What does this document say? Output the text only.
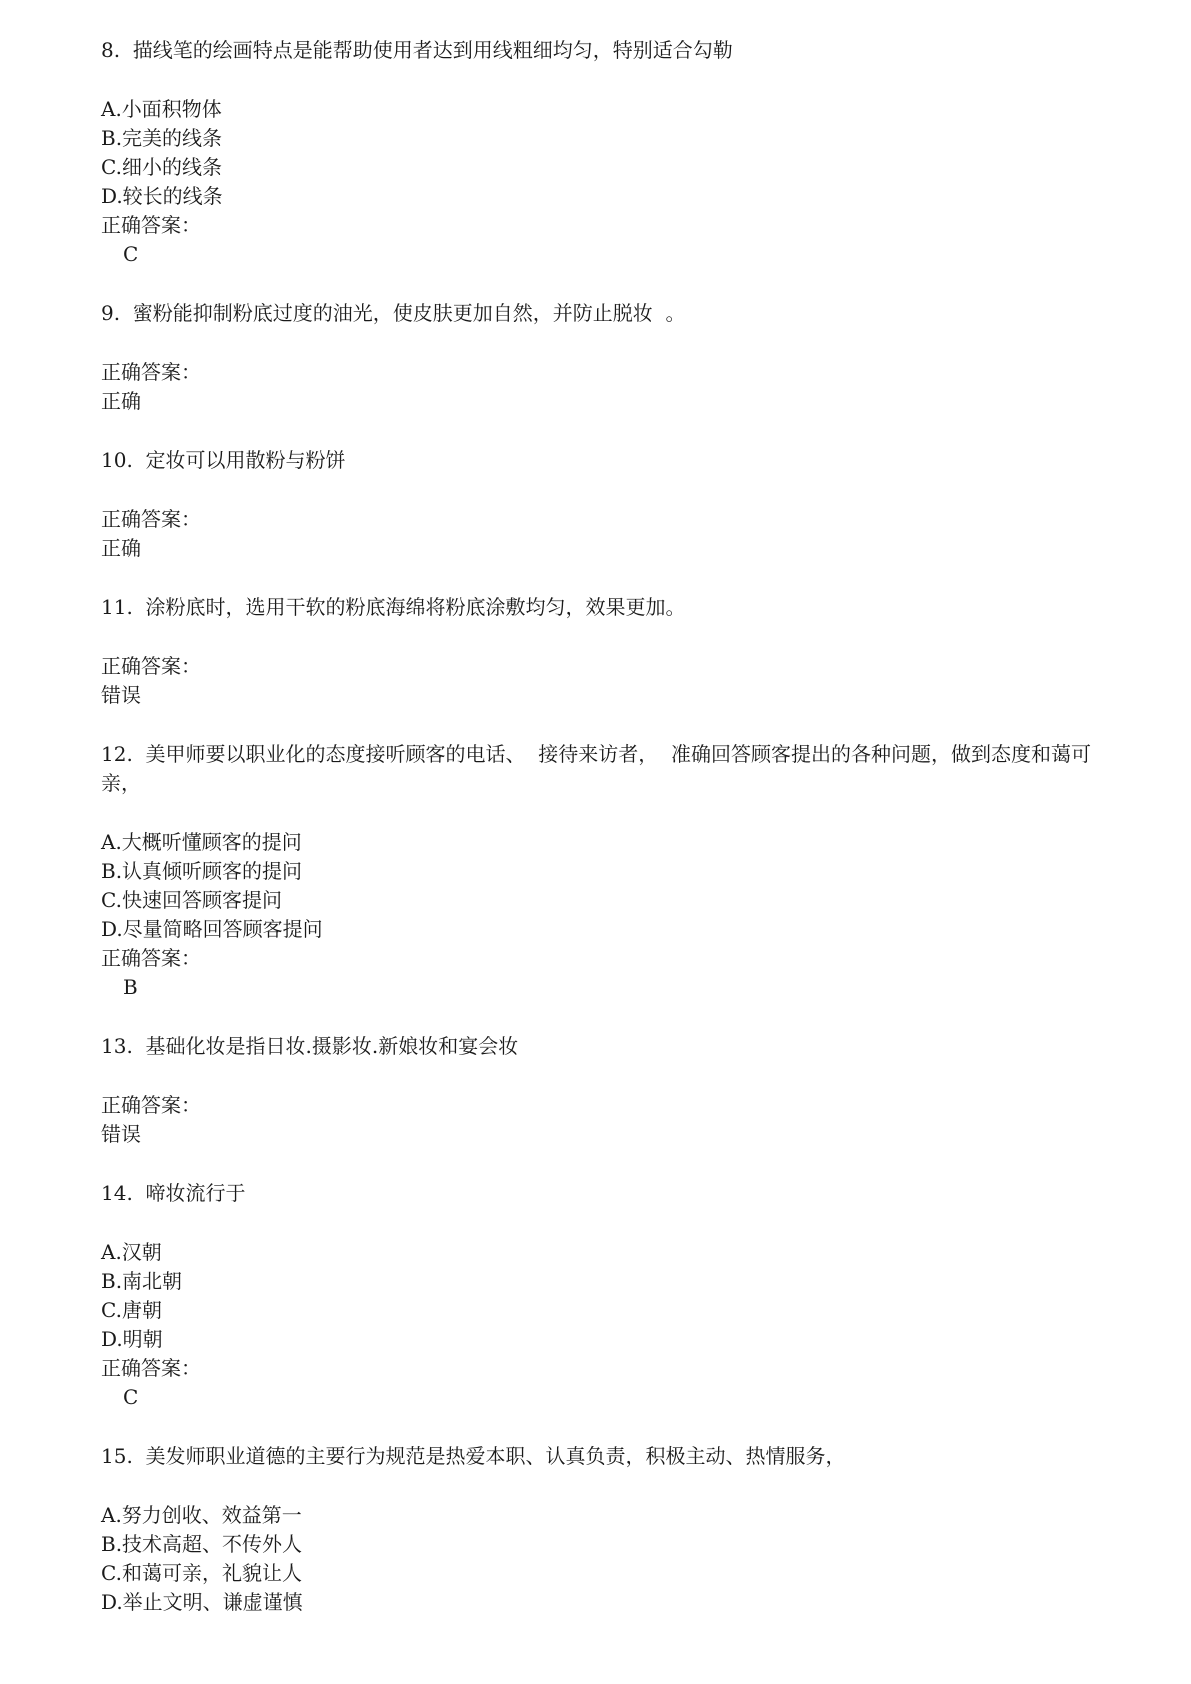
8.  描线笔的绘画特点是能帮助使用者达到用线粗细均匀，特别适合勾勒

A.小面积物体
B.完美的线条
C.细小的线条
D.较长的线条
正确答案：
C

9.  蜜粉能抑制粉底过度的油光，使皮肤更加自然，并防止脱妆  。

正确答案：
正确

10.  定妆可以用散粉与粉饼

正确答案：
正确

11.  涂粉底时，选用干软的粉底海绵将粉底涂敷均匀，效果更加。

正确答案：
错误

12.  美甲师要以职业化的态度接听顾客的电话、  接待来访者，  准确回答顾客提出的各种问题，做到态度和蔼可亲，

A.大概听懂顾客的提问
B.认真倾听顾客的提问
C.快速回答顾客提问
D.尽量简略回答顾客提问
正确答案：
B

13.  基础化妆是指日妆.摄影妆.新娘妆和宴会妆

正确答案：
错误

14.  啼妆流行于

A.汉朝
B.南北朝
C.唐朝
D.明朝
正确答案：
C

15.  美发师职业道德的主要行为规范是热爱本职、认真负责，积极主动、热情服务，

A.努力创收、效益第一
B.技术高超、不传外人
C.和蔼可亲，礼貌让人
D.举止文明、谦虚谨慎
